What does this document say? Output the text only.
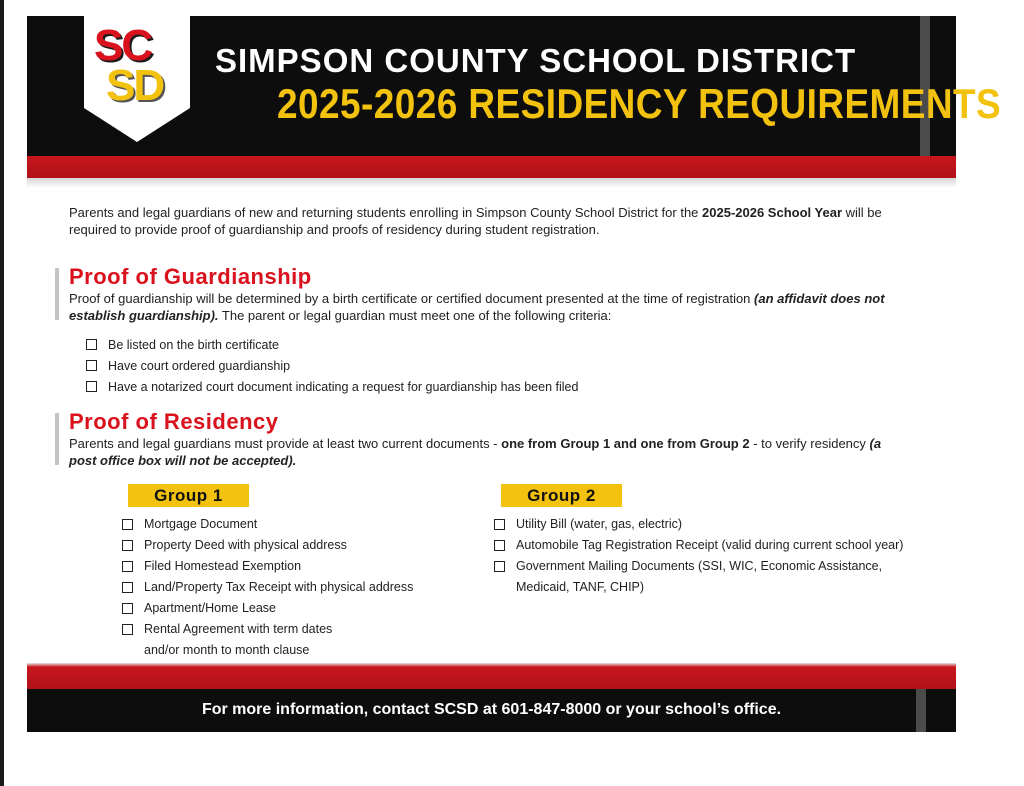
SC
SD
SIMPSON COUNTY SCHOOL DISTRICT
2025-2026 RESIDENCY REQUIREMENTS

Parents and legal guardians of new and returning students enrolling in Simpson County School District for the 2025-2026 School Year will be required to provide proof of guardianship and proofs of residency during student registration.

Proof of Guardianship

Proof of guardianship will be determined by a birth certificate or certified document presented at the time of registration (an affidavit does not establish guardianship). The parent or legal guardian must meet one of the following criteria:

Be listed on the birth certificate
Have court ordered guardianship
Have a notarized court document indicating a request for guardianship has been filed
Proof of Residency

Parents and legal guardians must provide at least two current documents - one from Group 1 and one from Group 2 - to verify residency (a post office box will not be accepted).

Group 1
Mortgage Document
Property Deed with physical address
Filed Homestead Exemption
Land/Property Tax Receipt with physical address
Apartment/Home Lease
Rental Agreement with term dates
and/or month to month clause
Group 2
Utility Bill (water, gas, electric)
Automobile Tag Registration Receipt (valid during current school year)
Government Mailing Documents (SSI, WIC, Economic Assistance,
Medicaid, TANF, CHIP)
For more information, contact SCSD at 601-847-8000 or your school’s office.
